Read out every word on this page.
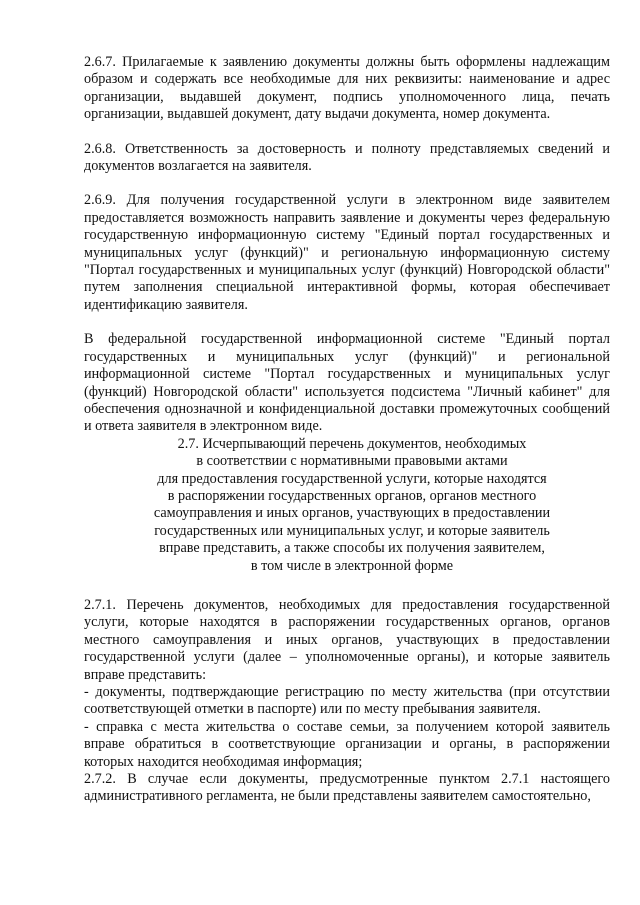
2.6.7. Прилагаемые к заявлению документы должны быть оформлены надлежащим образом и содержать все необходимые для них реквизиты: наименование и адрес организации, выдавшей документ, подпись уполномоченного лица, печать организации, выдавшей документ, дату выдачи документа, номер документа.

2.6.8. Ответственность за достоверность и полноту представляемых сведений и документов возлагается на заявителя.

2.6.9. Для получения государственной услуги в электронном виде заявителем предоставляется возможность направить заявление и документы через федеральную государственную информационную систему "Единый портал государственных и муниципальных услуг (функций)" и региональную информационную систему "Портал государственных и муниципальных услуг (функций) Новгородской области" путем заполнения специальной интерактивной формы, которая обеспечивает идентификацию заявителя.

В федеральной государственной информационной системе "Единый портал государственных и муниципальных услуг (функций)" и региональной информационной системе "Портал государственных и муниципальных услуг (функций) Новгородской области" используется подсистема "Личный кабинет" для обеспечения однозначной и конфиденциальной доставки промежуточных сообщений и ответа заявителя в электронном виде.

2.7. Исчерпывающий перечень документов, необходимых
в соответствии с нормативными правовыми актами
для предоставления государственной услуги, которые находятся
в распоряжении государственных органов, органов местного
самоуправления и иных органов, участвующих в предоставлении
государственных или муниципальных услуг, и которые заявитель
вправе представить, а также способы их получения заявителем,
в том числе в электронной форме

2.7.1. Перечень документов, необходимых для предоставления государственной услуги, которые находятся в распоряжении государственных органов, органов местного самоуправления и иных органов, участвующих в предоставлении государственной услуги (далее – уполномоченные органы), и которые заявитель вправе представить:

- документы, подтверждающие регистрацию по месту жительства (при отсутствии соответствующей отметки в паспорте) или по месту пребывания заявителя.

- справка с места жительства о составе семьи, за получением которой заявитель вправе обратиться в соответствующие организации и органы, в распоряжении которых находится необходимая информация;

2.7.2. В случае если документы, предусмотренные пунктом 2.7.1 настоящего административного регламента, не были представлены заявителем самостоятельно,
